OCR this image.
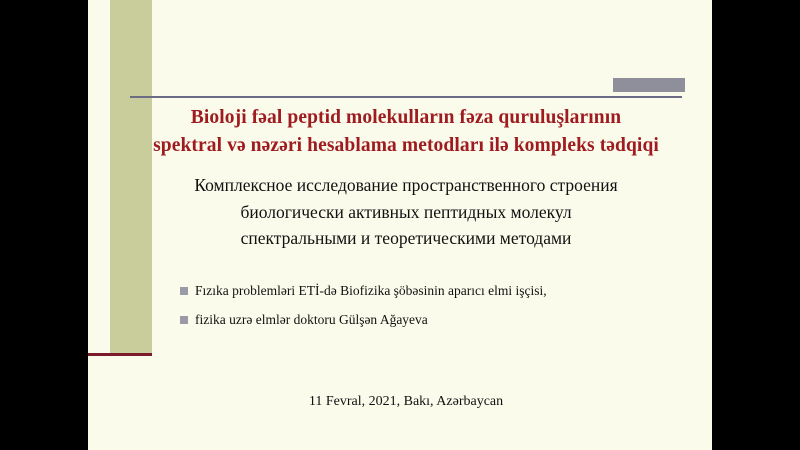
Bioloji fəal peptid molekulların fəza quruluşlarının
spektral və nəzəri hesablama metodları ilə kompleks tədqiqi
Комплексное исследование пространственного строения
биологически активных пептидных молекул
спектральными и теоретическими методами
Fızıka problemləri ETİ-də Biofizika şöbəsinin aparıcı elmi işçisi,
fizika uzrə elmlər doktoru Gülşən Ağayeva
11 Fevral, 2021, Bakı, Azərbaycan
